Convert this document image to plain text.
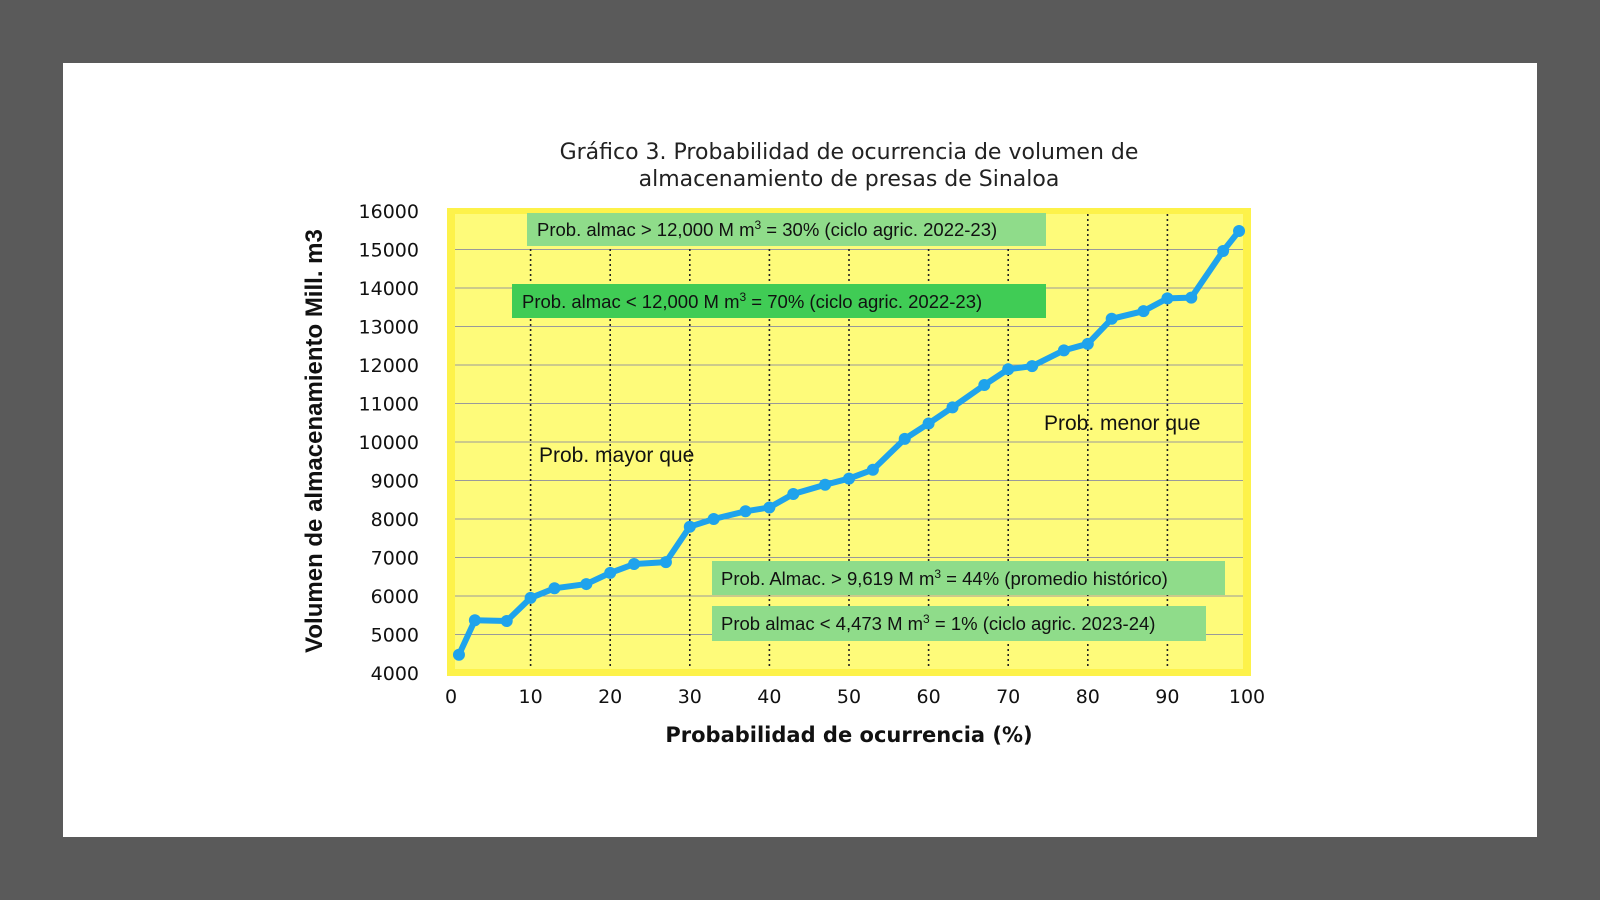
Gráfico 3. Probabilidad de ocurrencia de volumen de
almacenamiento de presas de Sinaloa
4000
5000
6000
7000
8000
9000
10000
11000
12000
13000
14000
15000
16000
0	10	20	30	40	50	60	70	80	90	100
Probabilidad de ocurrencia (%)
Volumen de almacenamiento Mill. m3	Prob. almac > 12,000 M $m^3 = 30\%$ (ciclo agric. 2022-23)
Prob. almac < 12,000 M $m^3 = 70\%$ (ciclo agric. 2022-23)
Prob. Almac. > 9,619 M $m^3 = 44\%$ (promedio histórico)
Prob almac < 4,473 M $m^3 = 1\%$ (ciclo agric. 2023-24)
Prob. mayor que
Prob. menor que
